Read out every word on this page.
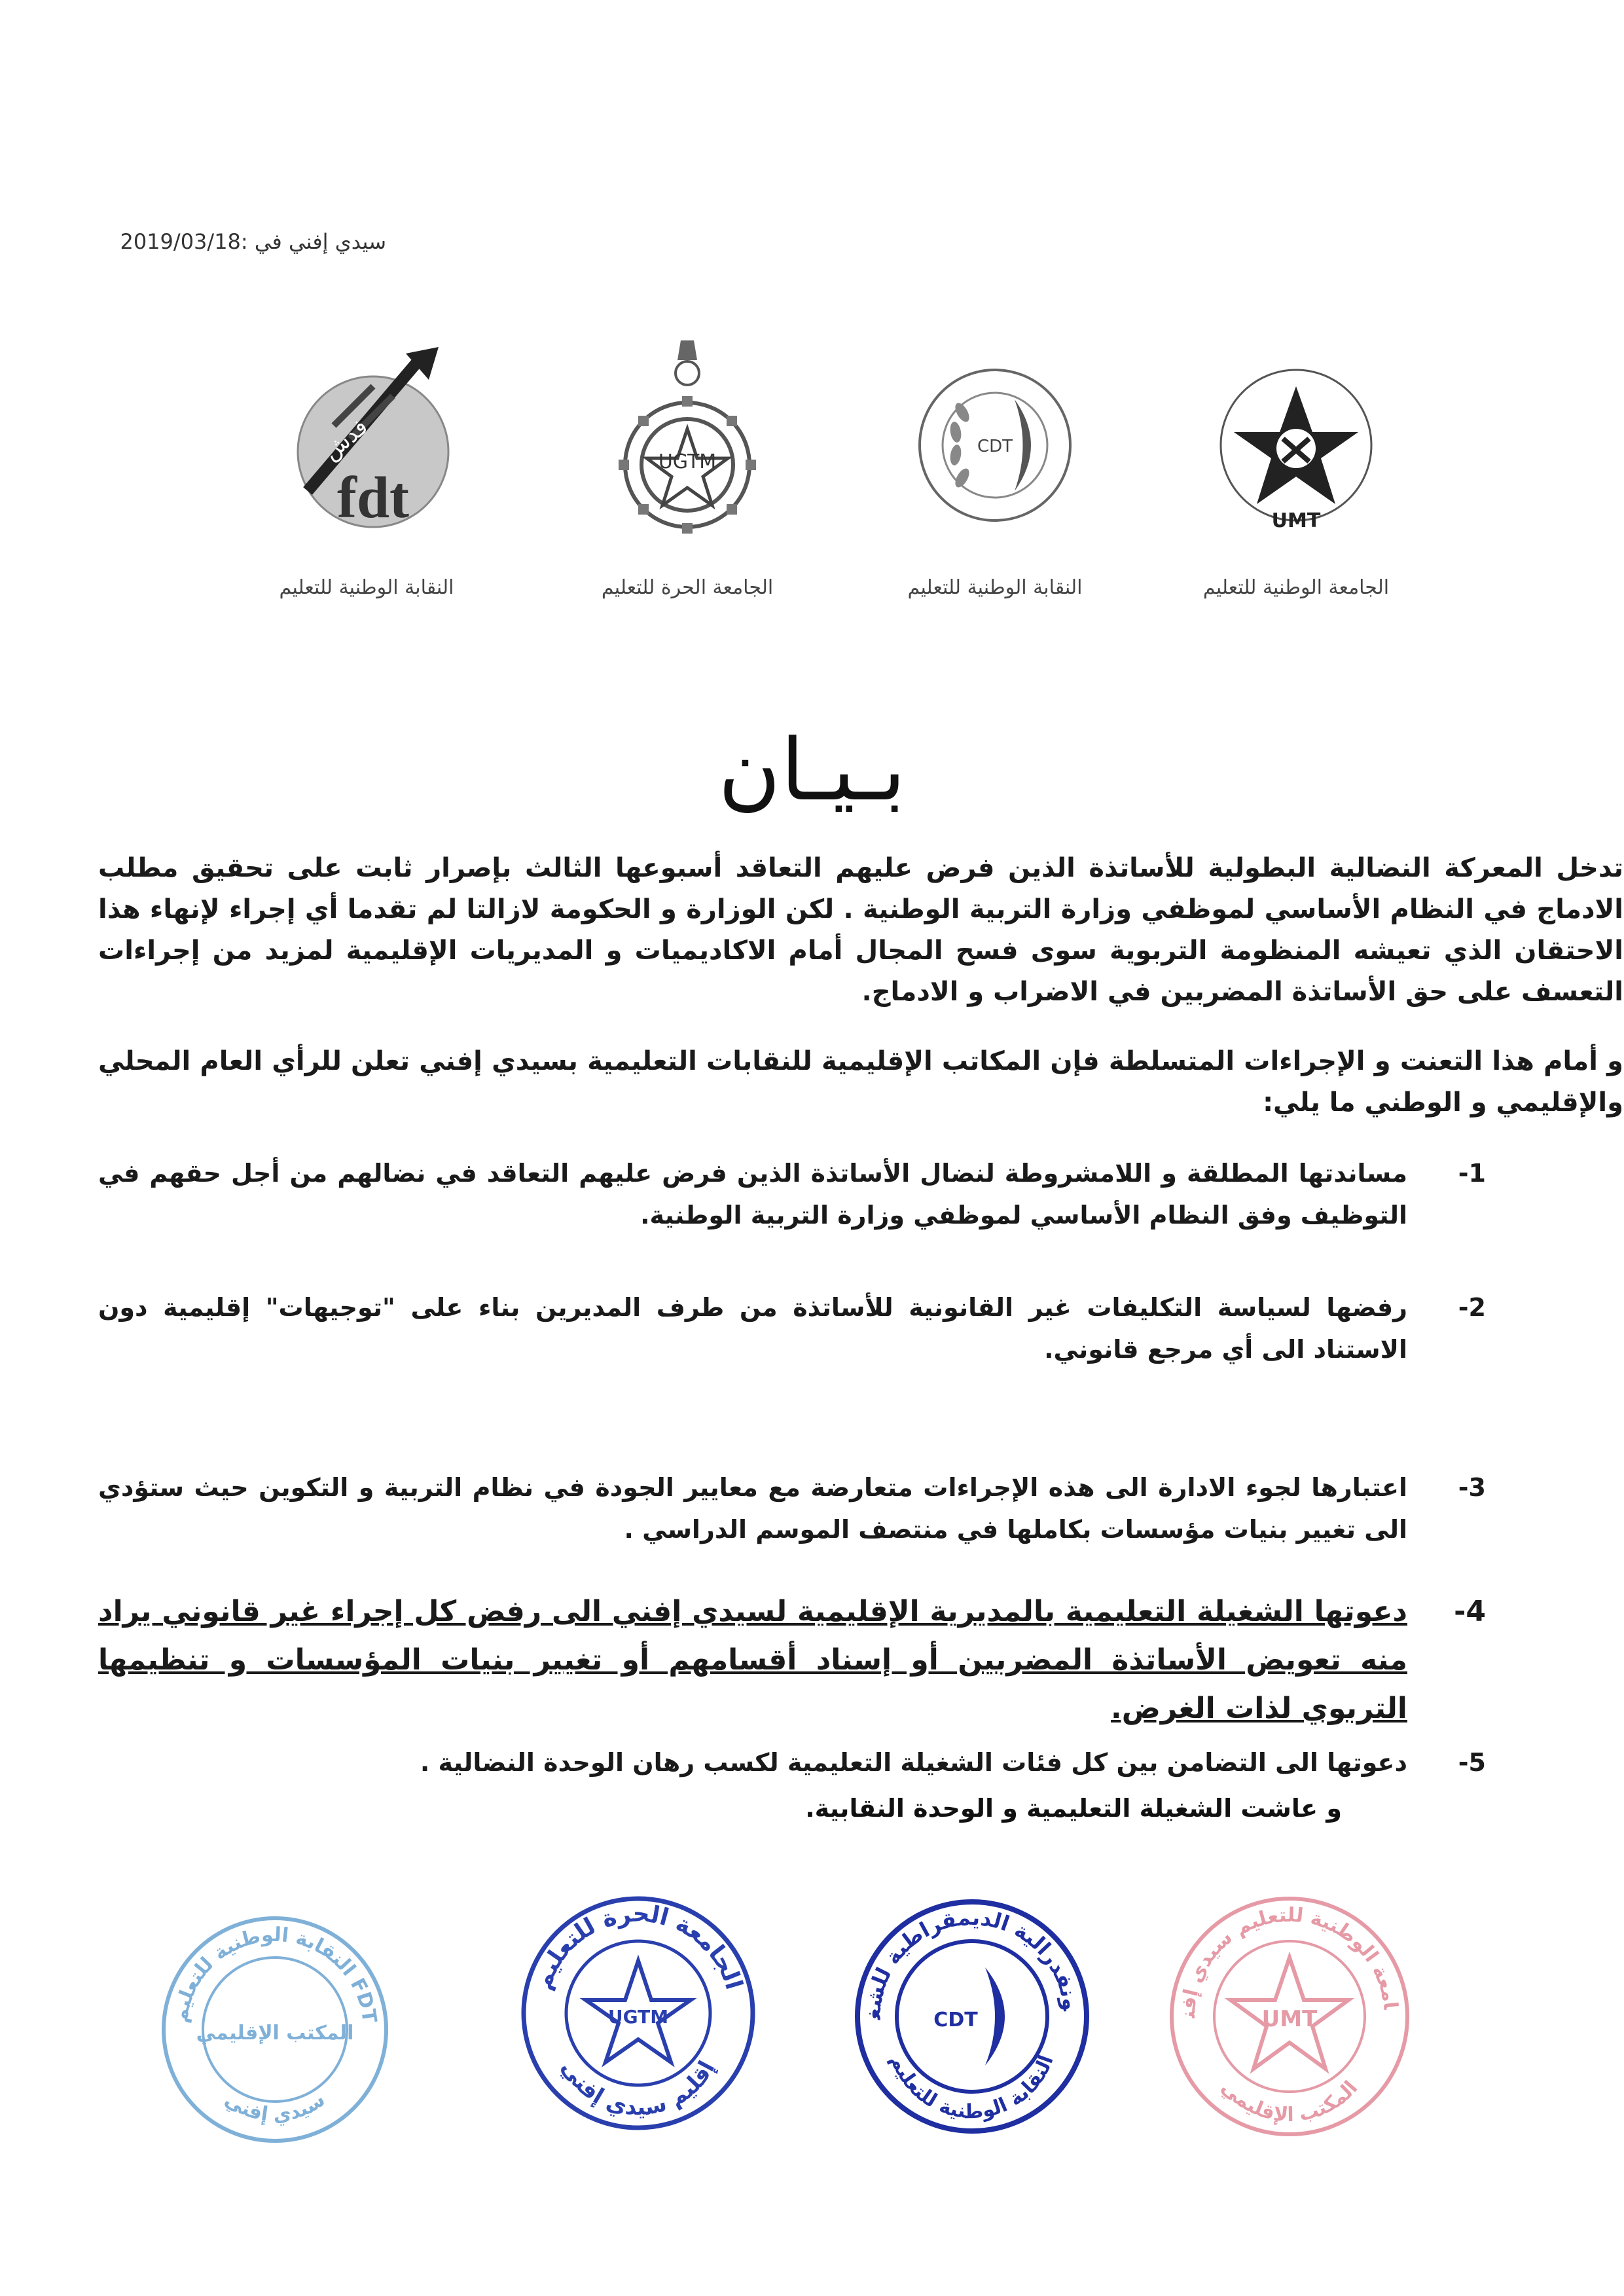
سيدي إفني في :2019/03/18
fdt
فدش
النقابة الوطنية للتعليم
UGTM
الجامعة الحرة للتعليم
CDT
النقابة الوطنية للتعليم
UMT
الجامعة الوطنية للتعليم
بـيـان
تدخل المعركة النضالية البطولية للأساتذة الذين فرض عليهم التعاقد أسبوعها الثالث بإصرار ثابت على تحقيق مطلب الادماج في النظام الأساسي لموظفي وزارة التربية الوطنية . لكن الوزارة و الحكومة لازالتا لم تقدما أي إجراء لإنهاء هذا الاحتقان الذي تعيشه المنظومة التربوية سوى فسح المجال أمام الاكاديميات و المديريات الإقليمية لمزيد من إجراءات التعسف على حق الأساتذة المضربين في الاضراب و الادماج.
و أمام هذا التعنت و الإجراءات المتسلطة فإن المكاتب الإقليمية للنقابات التعليمية بسيدي إفني تعلن للرأي العام المحلي والإقليمي و الوطني ما يلي:
-1
مساندتها المطلقة و اللامشروطة لنضال الأساتذة الذين فرض عليهم التعاقد في نضالهم من أجل حقهم في التوظيف وفق النظام الأساسي لموظفي وزارة التربية الوطنية.
-2
رفضها لسياسة التكليفات غير القانونية للأساتذة من طرف المديرين بناء على "توجيهات" إقليمية دون الاستناد الى أي مرجع قانوني.
-3
اعتبارها لجوء الادارة الى هذه الإجراءات متعارضة مع معايير الجودة في نظام التربية و التكوين حيث ستؤدي الى تغيير بنيات مؤسسات بكاملها في منتصف الموسم الدراسي .
-4
دعوتها الشغيلة التعليمية بالمديرية الإقليمية لسيدي إفني الى رفض كل إجراء غير قانوني يراد منه تعويض الأساتذة المضربين أو إسناد أقسامهم أو تغيير بنيات المؤسسات و تنظيمها التربوي لذات الغرض.
-5
دعوتها الى التضامن بين كل فئات الشغيلة التعليمية لكسب رهان الوحدة النضالية .
و عاشت الشغيلة التعليمية و الوحدة النقابية.
النقابة الوطنية للتعليم FDT
سيدي إفني
المكتب الإقليمي
الجامعة الحرة للتعليم
إقليم سيدي إفني
UGTM
ونفدرالية الديمقراطية للشغ
النقابة الوطنية للتعليم
CDT
امعة الوطنية للتعليم سيدي إفن
المكتب الإقليمي
UMT
